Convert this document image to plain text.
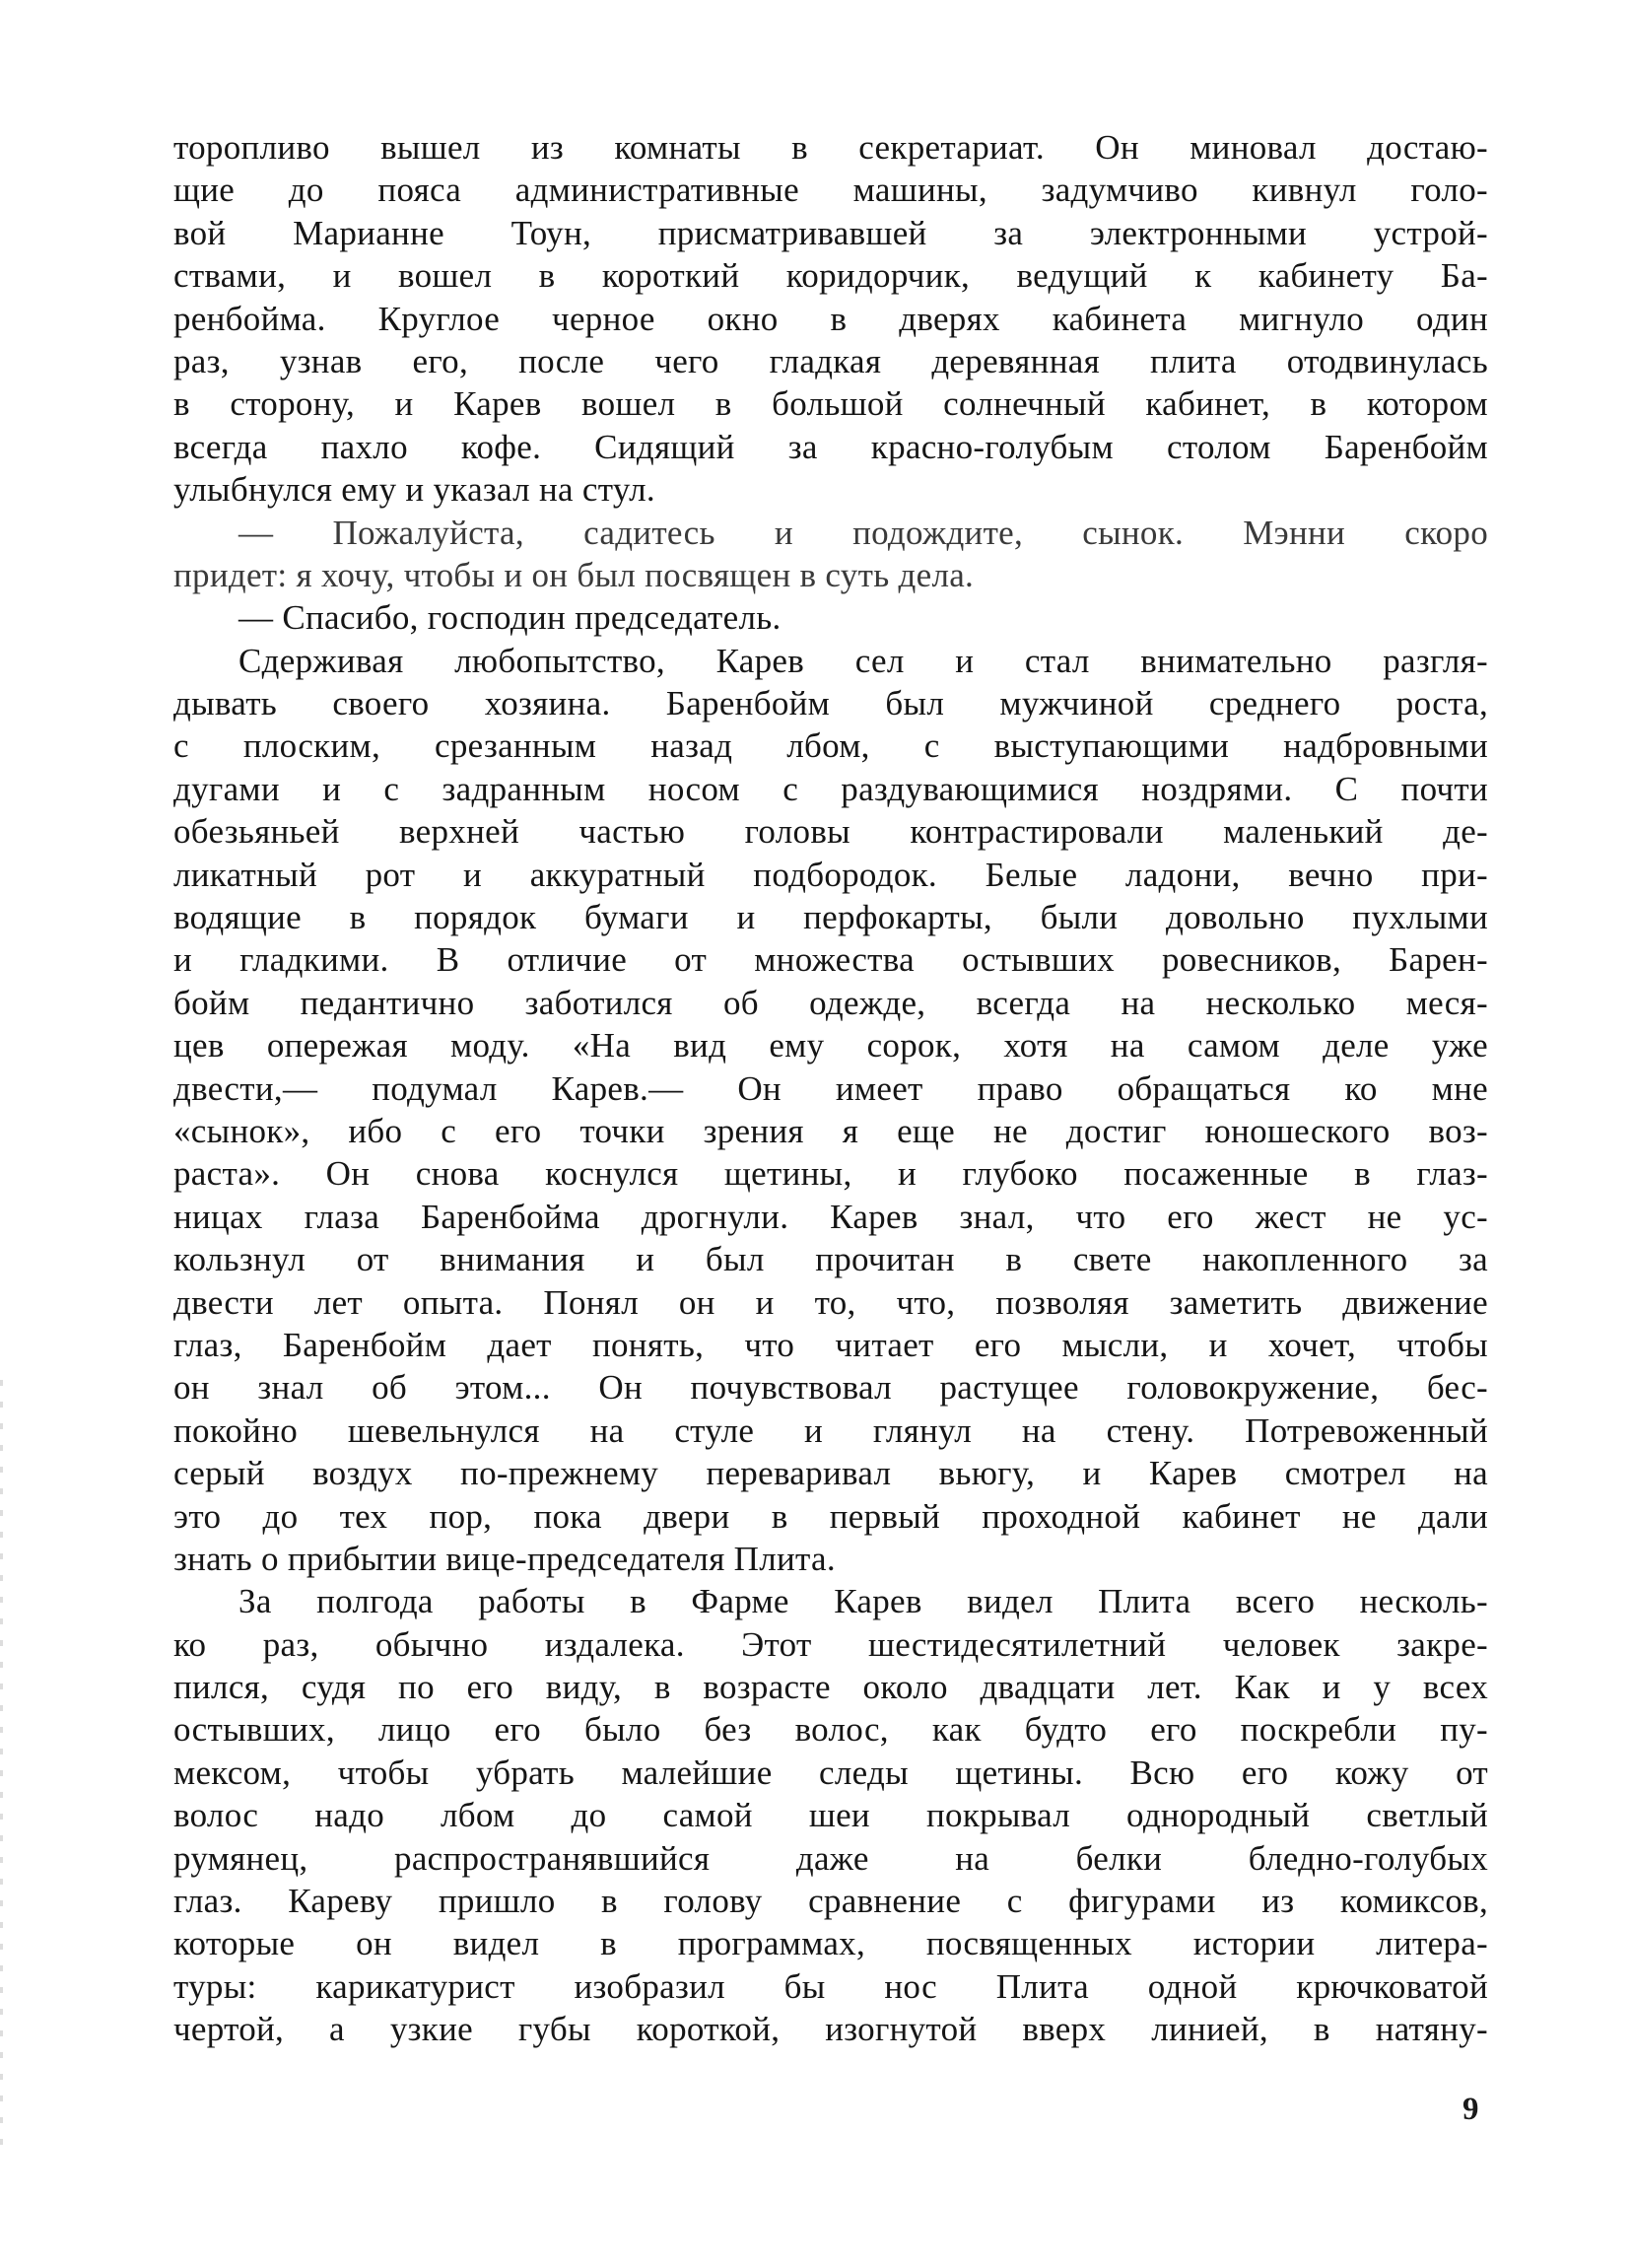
торопливо вышел из комнаты в секретариат. Он миновал достаю-
щие до пояса административные машины, задумчиво кивнул голо-
вой Марианне Тоун, присматривавшей за электронными устрой-
ствами, и вошел в короткий коридорчик, ведущий к кабинету Ба-
ренбойма. Круглое черное окно в дверях кабинета мигнуло один
раз, узнав его, после чего гладкая деревянная плита отодвинулась
в сторону, и Карев вошел в большой солнечный кабинет, в котором
всегда пахло кофе. Сидящий за красно-голубым столом Баренбойм
улыбнулся ему и указал на стул.
— Пожалуйста, садитесь и подождите, сынок. Мэнни скоро
придет: я хочу, чтобы и он был посвящен в суть дела.
— Спасибо, господин председатель.
Сдерживая любопытство, Карев сел и стал внимательно разгля-
дывать своего хозяина. Баренбойм был мужчиной среднего роста,
с плоским, срезанным назад лбом, с выступающими надбровными
дугами и с задранным носом с раздувающимися ноздрями. С почти
обезьяньей верхней частью головы контрастировали маленький де-
ликатный рот и аккуратный подбородок. Белые ладони, вечно при-
водящие в порядок бумаги и перфокарты, были довольно пухлыми
и гладкими. В отличие от множества остывших ровесников, Барен-
бойм педантично заботился об одежде, всегда на несколько меся-
цев опережая моду. «На вид ему сорок, хотя на самом деле уже
двести,— подумал Карев.— Он имеет право обращаться ко мне
«сынок», ибо с его точки зрения я еще не достиг юношеского воз-
раста». Он снова коснулся щетины, и глубоко посаженные в глаз-
ницах глаза Баренбойма дрогнули. Карев знал, что его жест не ус-
кользнул от внимания и был прочитан в свете накопленного за
двести лет опыта. Понял он и то, что, позволяя заметить движение
глаз, Баренбойм дает понять, что читает его мысли, и хочет, чтобы
он знал об этом... Он почувствовал растущее головокружение, бес-
покойно шевельнулся на стуле и глянул на стену. Потревоженный
серый воздух по-прежнему переваривал вьюгу, и Карев смотрел на
это до тех пор, пока двери в первый проходной кабинет не дали
знать о прибытии вице-председателя Плита.
За полгода работы в Фарме Карев видел Плита всего несколь-
ко раз, обычно издалека. Этот шестидесятилетний человек закре-
пился, судя по его виду, в возрасте около двадцати лет. Как и у всех
остывших, лицо его было без волос, как будто его поскребли пу-
мексом, чтобы убрать малейшие следы щетины. Всю его кожу от
волос надо лбом до самой шеи покрывал однородный светлый
румянец, распространявшийся даже на белки бледно-голубых
глаз. Кареву пришло в голову сравнение с фигурами из комиксов,
которые он видел в программах, посвященных истории литера-
туры: карикатурист изобразил бы нос Плита одной крючковатой
чертой, а узкие губы короткой, изогнутой вверх линией, в натяну-
9
